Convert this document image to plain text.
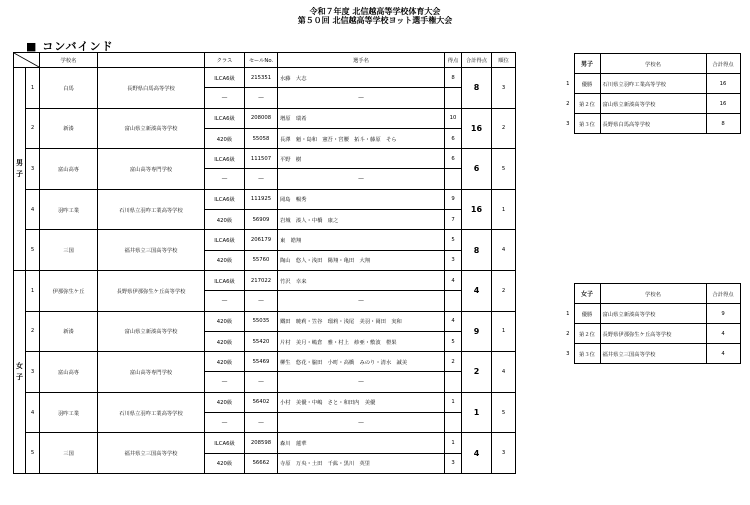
令和７年度 北信越高等学校体育大会
第５０回 北信越高等学校ヨット選手権大会
■ コンバインド
	学校名		クラス	セールNo.	選手名	得点	合計得点	順位
男子	1	白馬	長野県白馬高等学校	ILCA6級	215351	水藤　大志	8	8	3
				―	―	―			
	2	新湊	富山県立新湊高等学校	ILCA6級	208008	増原　瑞希	10	16	2
				420級	55058	長澤　魁・島和　憲吾・宮腰　拓斗・藤原　そら	6		
	3	富山高専	富山高等専門学校	ILCA6級	111507	平野　樹	6	6	5
				―	―	―			
	4	羽咋工業	石川県立羽咋工業高等学校	ILCA6級	111925	岡島　暢秀	9	16	1
				420級	56909	岩城　湊人・中橋　康之	7		
	5	三国	福井県立三国高等学校	ILCA6級	206179	東　皓翔	5	8	4
				420級	55760	陶山　悠人・浅田　陽翔・亀田　大翔	3		
女子	1	伊那弥生ケ丘	長野県伊那弥生ケ丘高等学校	ILCA6級	217022	竹沢　幸来	4	4	2
				―	―	―			
	2	新湊	富山県立新湊高等学校	420級	55035	鐵田　暁莉・笠谷　瑠莉・浅尾　美羽・岡田　実和	4	9	1
				420級	55420	片村　美月・嶋倉　雅・村上　紗亜・敷波　橙果	5		
	3	富山高専	富山高等専門学校	420級	55469	柳生　悠花・脇田　小町・高橋　みのり・清水　誠美	2	2	4
				―	―	―			
	4	羽咋工業	石川県立羽咋工業高等学校	420級	56402	小村　美優・中嶋　さと・和田内　美優	1	1	5
				―	―	―			
	5	三国	福井県立三国高等学校	ILCA6級	208598	森川　蓮華	1	4	3
				420級	56662	寺原　万央・土田　千紘・黒川　英里	3		
	男子	学校名	合計得点
1	優勝	石川県立羽咋工業高等学校	16
2	第２位	富山県立新湊高等学校	16
3	第３位	長野県白馬高等学校	8
	女子	学校名	合計得点
1	優勝	富山県立新湊高等学校	9
2	第２位	長野県伊那弥生ケ丘高等学校	4
3	第３位	福井県立三国高等学校	4
